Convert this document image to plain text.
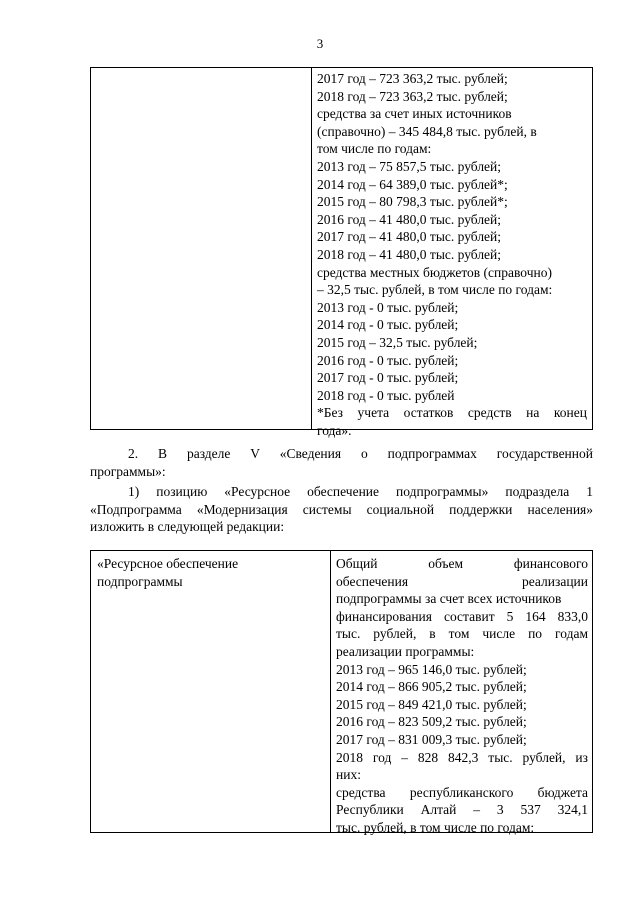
3
2017 год – 723 363,2 тыс. рублей;
2018 год – 723 363,2 тыс. рублей;
средства за счет иных источников
(справочно) – 345 484,8 тыс. рублей, в
том числе по годам:
2013 год – 75 857,5 тыс. рублей;
2014 год – 64 389,0 тыс. рублей*;
2015 год – 80 798,3 тыс. рублей*;
2016 год – 41 480,0 тыс. рублей;
2017 год – 41 480,0 тыс. рублей;
2018 год – 41 480,0 тыс. рублей;
средства местных бюджетов (справочно)
– 32,5 тыс. рублей, в том числе по годам:
2013 год - 0 тыс. рублей;
2014 год - 0 тыс. рублей;
2015 год – 32,5 тыс. рублей;
2016 год - 0 тыс. рублей;
2017 год - 0 тыс. рублей;
2018 год - 0 тыс. рублей
*Без учета остатков средств на конец
года».
2. В разделе V «Сведения о подпрограммах государственной
программы»:
1) позицию «Ресурсное обеспечение подпрограммы» подраздела 1
«Подпрограмма «Модернизация системы социальной поддержки населения»
изложить в следующей редакции:
«Ресурсное обеспечение
подпрограммы
Общий объем финансового
обеспечения реализации
подпрограммы за счет всех источников
финансирования составит 5 164 833,0
тыс. рублей, в том числе по годам
реализации программы:
2013 год – 965 146,0 тыс. рублей;
2014 год – 866 905,2 тыс. рублей;
2015 год – 849 421,0 тыс. рублей;
2016 год – 823 509,2 тыс. рублей;
2017 год – 831 009,3 тыс. рублей;
2018 год – 828 842,3 тыс. рублей, из
них:
средства республиканского бюджета
Республики Алтай – 3 537 324,1
тыс. рублей, в том числе по годам:
